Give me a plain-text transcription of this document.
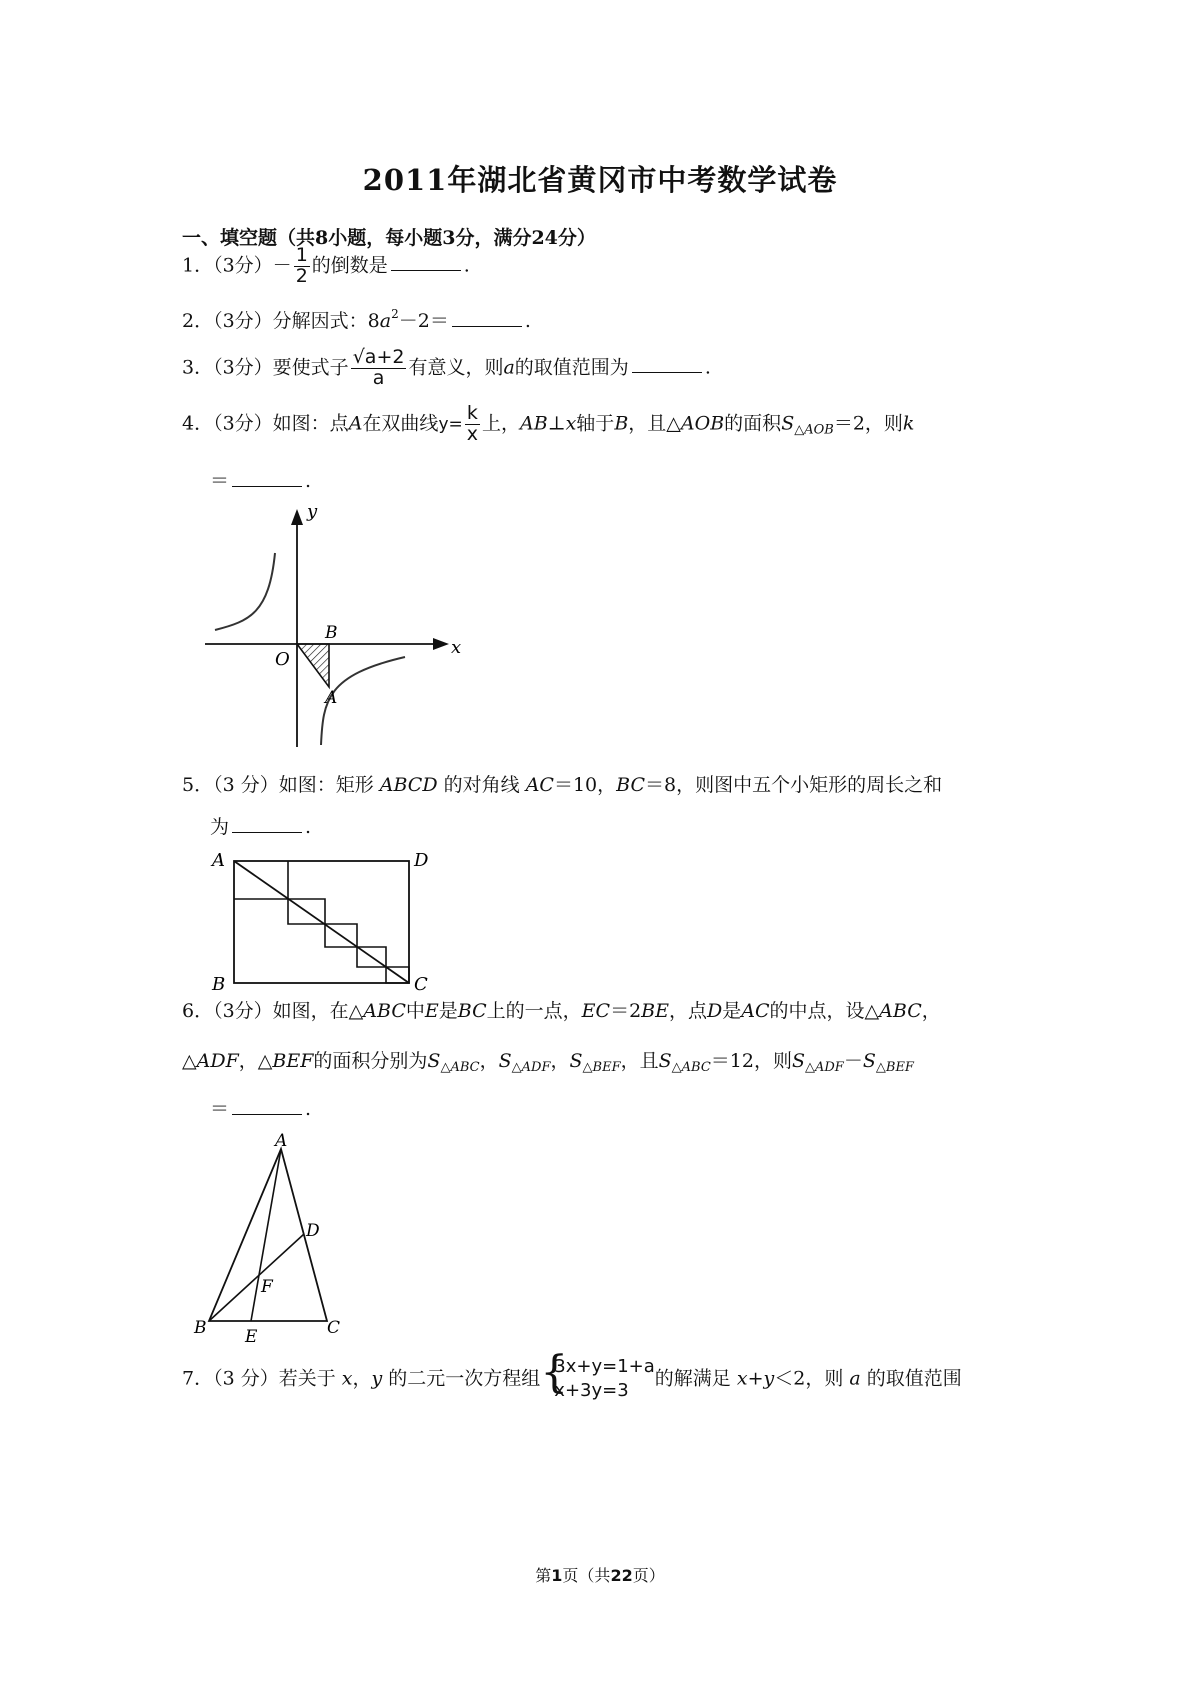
2011年湖北省黄冈市中考数学试卷
一、填空题（共8小题，每小题3分，满分24分）
1．（3分）－ $\frac{1}{2}$ 的倒数是	.
2．（3分）分解因式：$8a^2-2=$	.
3．（3分）要使式子 $\frac{√a+2}{a}$ 有意义，则a的取值范围为	.
4．（3分）如图：点A在双曲线$y= \frac{k}{x}$ 上，AB⊥x轴于B，且△AOB的面积$S_{\triangle AOB}=2$，则k
＝	.
y
x
O
B
A
5．（3 分）如图：矩形 ABCD 的对角线 AC＝10，BC＝8，则图中五个小矩形的周长之和
为	.
A	D
B	C
6．（3分）如图，在△ABC中E是BC上的一点，EC＝2BE，点D是AC的中点，设△ABC，
△ADF，△BEF的面积分别为$S_{\triangle ABC}$，$S_{\triangle ADF}$，$S_{\triangle BEF}$，且$S_{\triangle ABC}=12$，则$S_{\triangle ADF}-S_{\triangle BEF}$
＝	.
A
D
F
B E	C
7．（3 分）若关于 x，y 的二元一次方程组 {
3x+y=1+a
x+3y=3
的解满足 x+y＜2，则 a 的取值范围
第1页（共22页）
